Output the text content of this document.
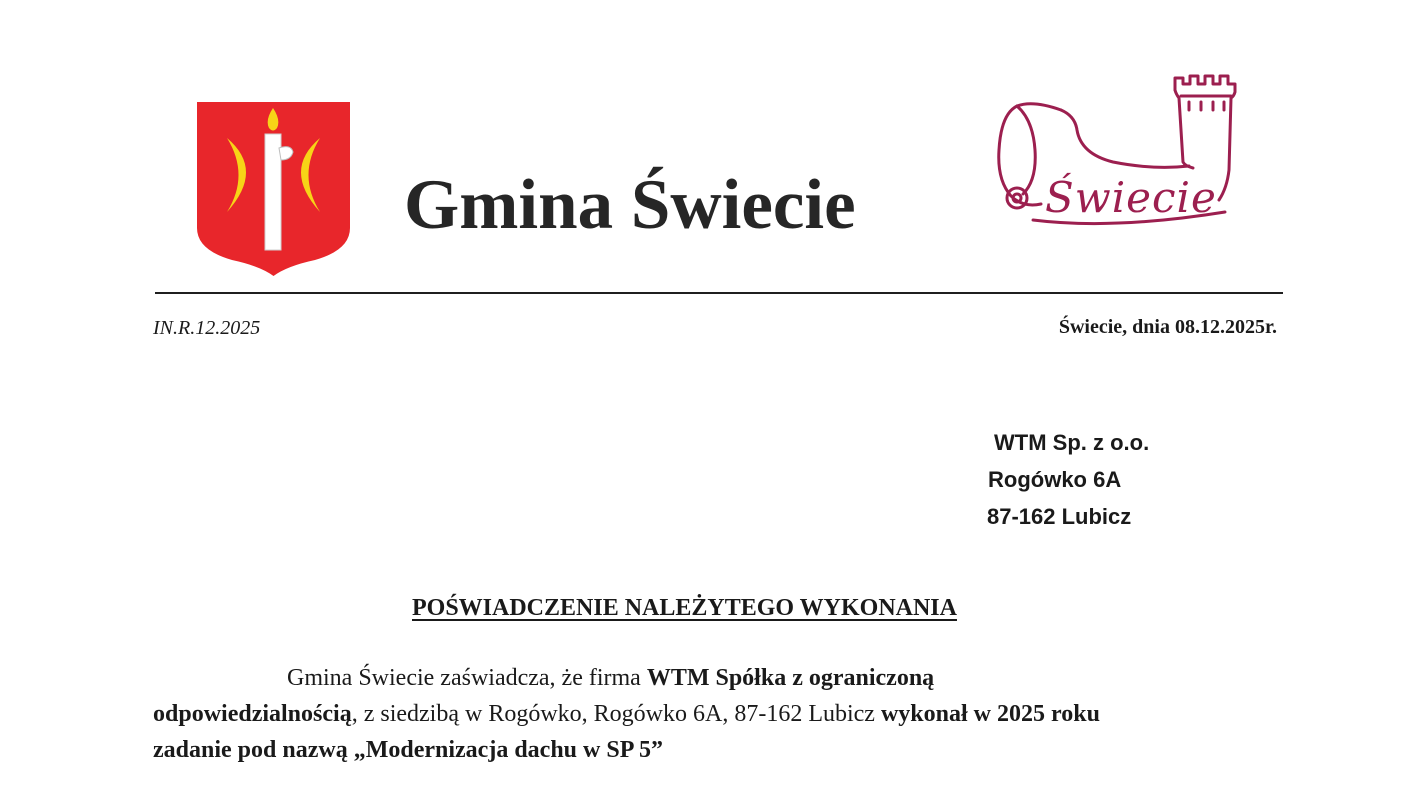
Gmina Świecie	Świecie
IN.R.12.2025	Świecie, dnia 08.12.2025r.
WTM Sp. z o.o.
Rogówko 6A
87-162 Lubicz
POŚWIADCZENIE NALEŻYTEGO WYKONANIA
Gmina Świecie zaświadcza, że firma WTM Spółka z ograniczoną
odpowiedzialnością, z siedzibą w Rogówko, Rogówko 6A, 87-162 Lubicz wykonał w 2025 roku
zadanie pod nazwą „Modernizacja dachu w SP 5”
